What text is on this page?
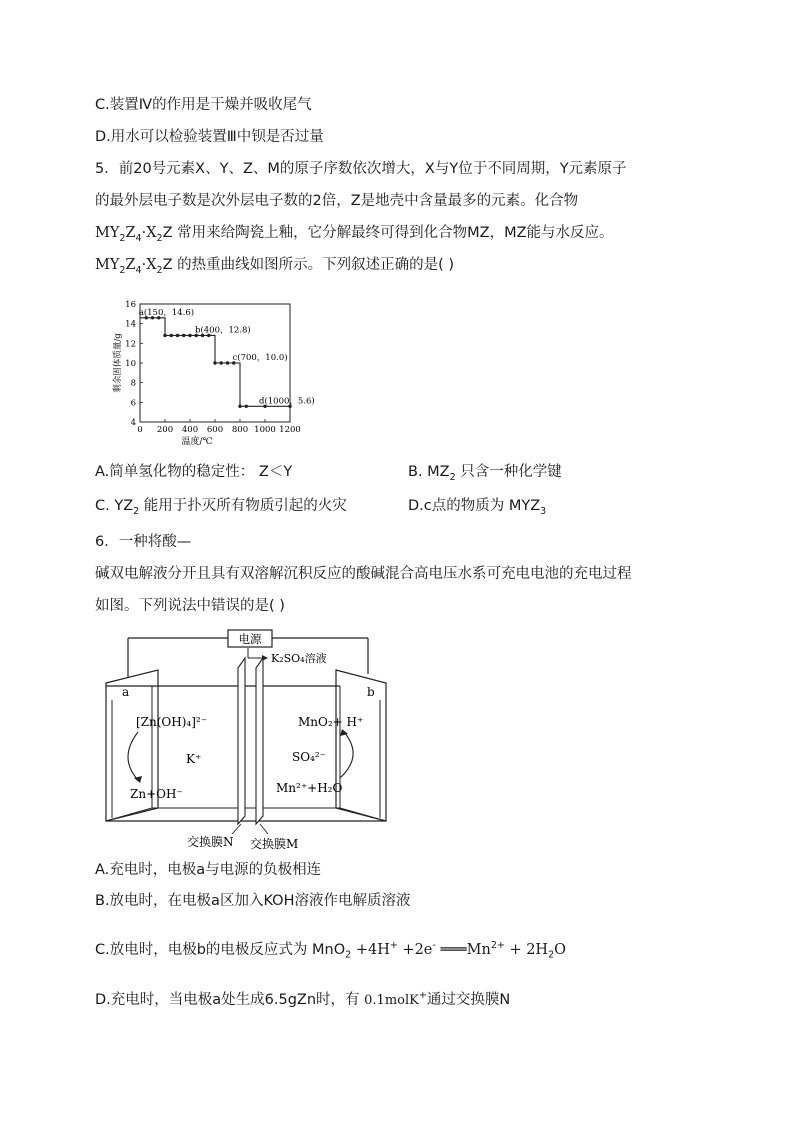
C.装置Ⅳ的作用是干燥并吸收尾气
D.用水可以检验装置Ⅲ中钡是否过量
5．前20号元素X、Y、Z、M的原子序数依次增大，X与Y位于不同周期，Y元素原子
的最外层电子数是次外层电子数的2倍，Z是地壳中含量最多的元素。化合物
$MY_2Z_4\cdot X_2Z$ 常用来给陶瓷上釉，它分解最终可得到化合物MZ，MZ能与水反应。
$MY_2Z_4\cdot X_2Z$ 的热重曲线如图所示。下列叙述正确的是( )
0 200 400 600 800 1000 1200
4
6
8
10
12
14
16
a(150，14.6)
b(400，12.8)
c(700，10.0)
d(1000，5.6)
剩余固体质量/g
温度/℃
A.简单氢化物的稳定性： Z＜Y	B. $MZ_2$ 只含一种化学键
C. $YZ_2$ 能用于扑灭所有物质引起的火灾	D.c点的物质为 $MYZ_3$
6．一种将酸—
碱双电解液分开且具有双溶解沉积反应的酸碱混合高电压水系可充电电池的充电过程
如图。下列说法中错误的是( )
电源
K₂SO₄溶液
a	b
[Zn(OH)₄]²⁻
K⁺
Zn+OH⁻
MnO₂+ H⁺
SO₄²⁻
Mn²⁺+H₂O
交换膜N 交换膜M
A.充电时，电极a与电源的负极相连
B.放电时，在电极a区加入KOH溶液作电解质溶液
C.放电时，电极b的电极反应式为 MnO$_2$ +4H+ +2e- $═══Mn^{2+} + 2H_2O$
D.充电时，当电极a处生成6.5gZn时，有 0.1molK+通过交换膜N
